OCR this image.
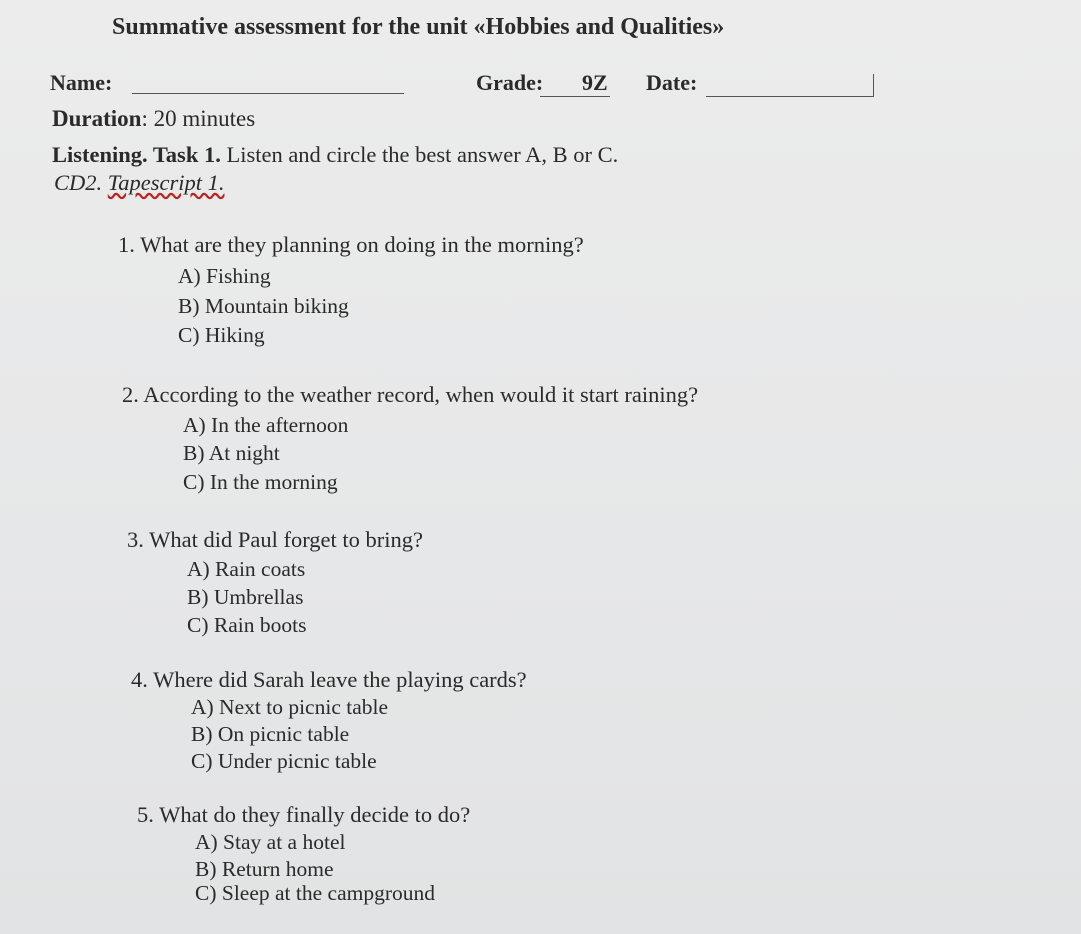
Summative assessment for the unit «Hobbies and Qualities»
Name:	Grade: 9Z Date:
Duration: 20 minutes
Listening. Task 1. Listen and circle the best answer A, B or C.
CD2. Tapescript 1.
1. What are they planning on doing in the morning?
A) Fishing
B) Mountain biking
C) Hiking
2. According to the weather record, when would it start raining?
A) In the afternoon
B) At night
C) In the morning
3. What did Paul forget to bring?
A) Rain coats
B) Umbrellas
C) Rain boots
4. Where did Sarah leave the playing cards?
A) Next to picnic table
B) On picnic table
C) Under picnic table
5. What do they finally decide to do?
A) Stay at a hotel
B) Return home
C) Sleep at the campground
